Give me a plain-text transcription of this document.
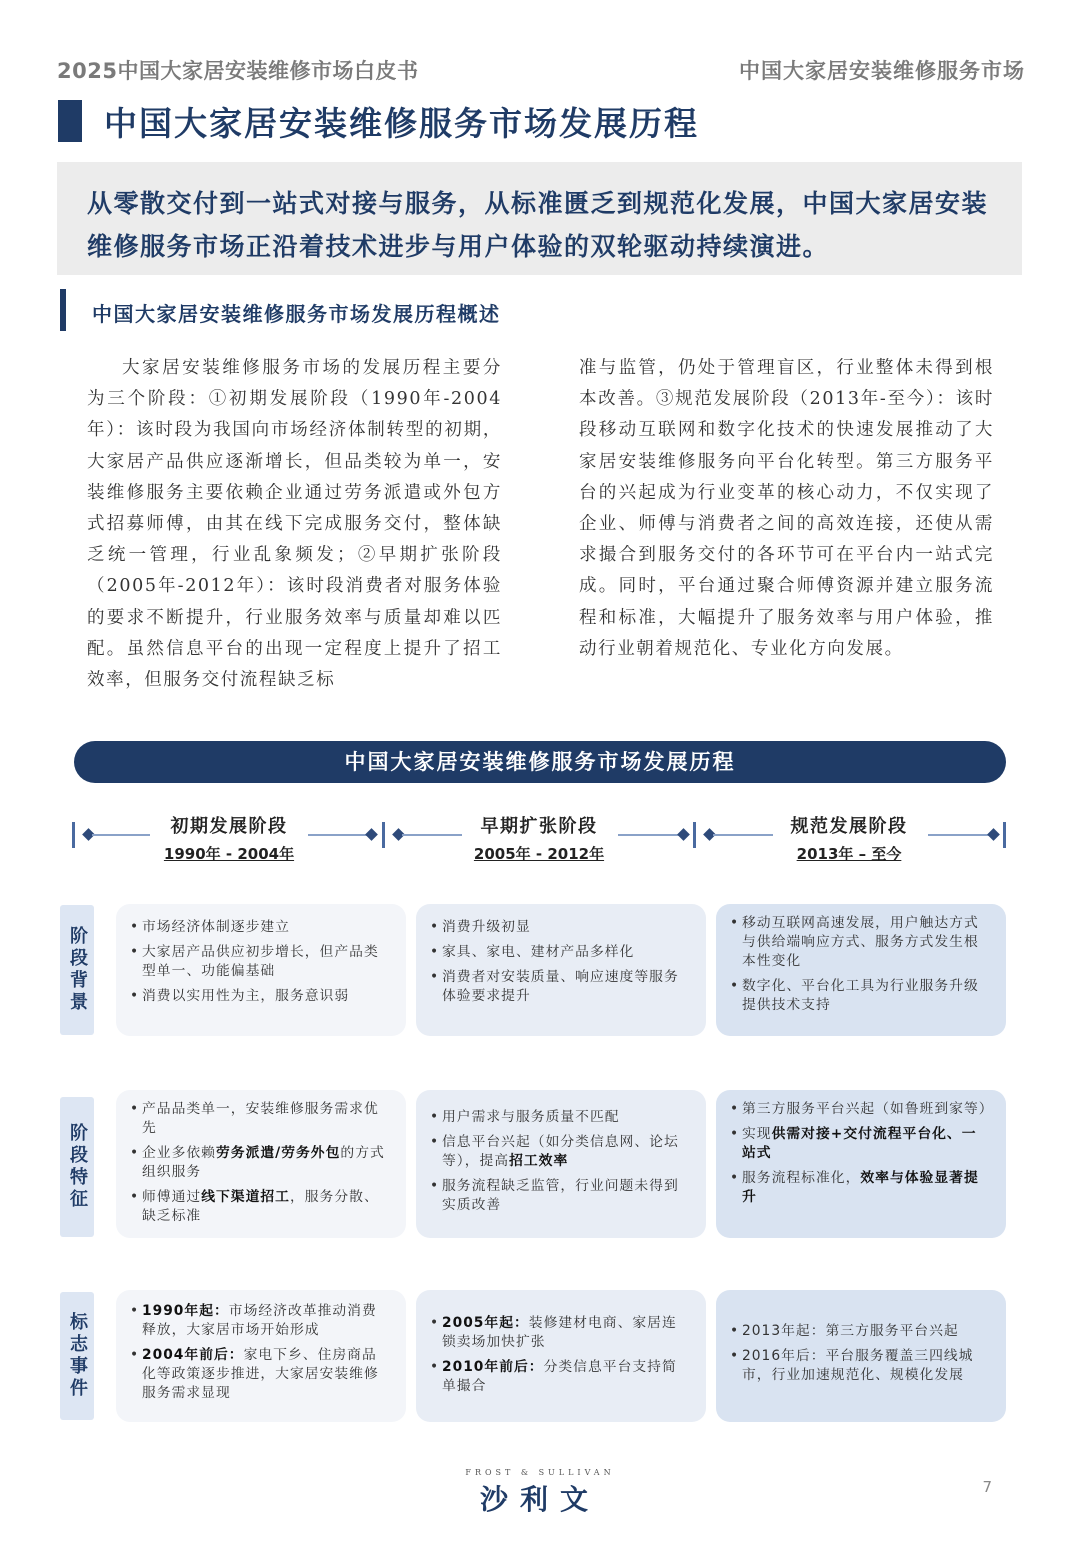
2025中国大家居安装维修市场白皮书	中国大家居安装维修服务市场
中国大家居安装维修服务市场发展历程

从零散交付到一站式对接与服务，从标准匮乏到规范化发展，中国大家居安装维修服务市场正沿着技术进步与用户体验的双轮驱动持续演进。

中国大家居安装维修服务市场发展历程概述
大家居安装维修服务市场的发展历程主要分为三个阶段：①初期发展阶段（1990年-2004年）：该时段为我国向市场经济体制转型的初期，大家居产品供应逐渐增长，但品类较为单一，安装维修服务主要依赖企业通过劳务派遣或外包方式招募师傅，由其在线下完成服务交付，整体缺乏统一管理，行业乱象频发；②早期扩张阶段（2005年-2012年）：该时段消费者对服务体验的要求不断提升，行业服务效率与质量却难以匹配。虽然信息平台的出现一定程度上提升了招工效率，但服务交付流程缺乏标
准与监管，仍处于管理盲区，行业整体未得到根本改善。③规范发展阶段（2013年-至今）：该时段移动互联网和数字化技术的快速发展推动了大家居安装维修服务向平台化转型。第三方服务平台的兴起成为行业变革的核心动力，不仅实现了企业、师傅与消费者之间的高效连接，还使从需求撮合到服务交付的各环节可在平台内一站式完成。同时，平台通过聚合师傅资源并建立服务流程和标准，大幅提升了服务效率与用户体验，推动行业朝着规范化、专业化方向发展。
中国大家居安装维修服务市场发展历程
初期发展阶段
1990年 - 2004年
早期扩张阶段
2005年 - 2012年
规范发展阶段
2013年 – 至今
阶段背景
•	市场经济体制逐步建立
• 大家居产品供应初步增长，但产品类型单一、功能偏基础
• 消费以实用性为主，服务意识弱
• 消费升级初显
• 家具、家电、建材产品多样化
• 消费者对安装质量、响应速度等服务体验要求提升
• 移动互联网高速发展，用户触达方式与供给端响应方式、服务方式发生根本性变化
• 数字化、平台化工具为行业服务升级提供技术支持
阶段特征
• 产品品类单一，安装维修服务需求优先
• 企业多依赖劳务派遣/劳务外包的方式组织服务
• 师傅通过线下渠道招工，服务分散、缺乏标准
• 用户需求与服务质量不匹配
• 信息平台兴起（如分类信息网、论坛等），提高招工效率
• 服务流程缺乏监管，行业问题未得到实质改善
• 第三方服务平台兴起（如鲁班到家等）
• 实现供需对接+交付流程平台化、一站式
• 服务流程标准化，效率与体验显著提升
标志事件
• 1990年起：市场经济改革推动消费释放，大家居市场开始形成
• 2004年前后：家电下乡、住房商品化等政策逐步推进，大家居安装维修服务需求显现
• 2005年起：装修建材电商、家居连锁卖场加快扩张
• 2010年前后：分类信息平台支持简单撮合
• 2013年起：第三方服务平台兴起
• 2016年后：平台服务覆盖三四线城市，行业加速规范化、规模化发展
FROST & SULLIVAN
沙利文	7
